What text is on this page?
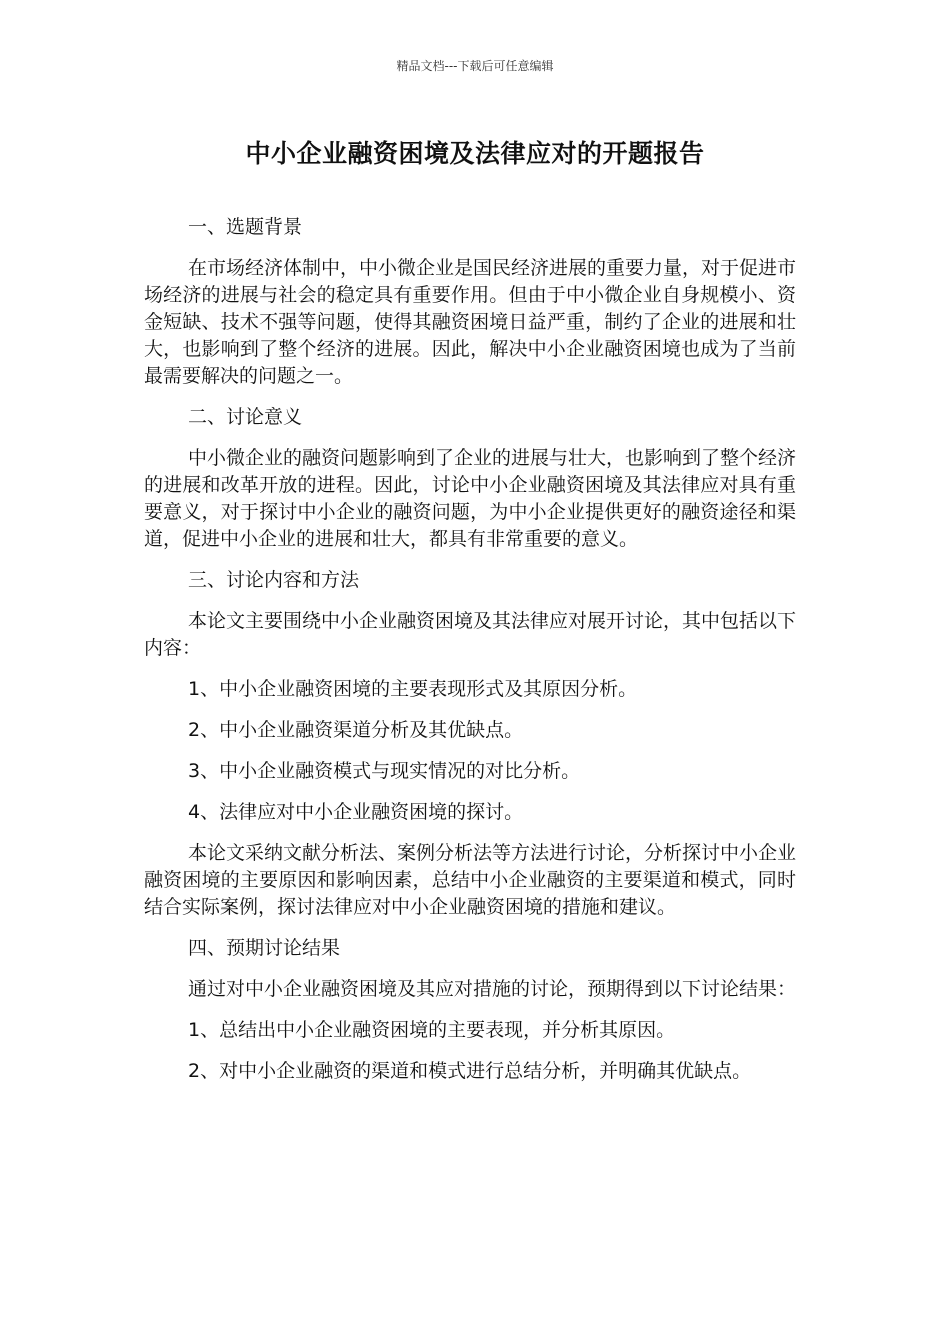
精品文档---下载后可任意编辑
中小企业融资困境及法律应对的开题报告
一、选题背景

在市场经济体制中，中小微企业是国民经济进展的重要力量，对于促进市场经济的进展与社会的稳定具有重要作用。但由于中小微企业自身规模小、资金短缺、技术不强等问题，使得其融资困境日益严重，制约了企业的进展和壮大，也影响到了整个经济的进展。因此，解决中小企业融资困境也成为了当前最需要解决的问题之一。

二、讨论意义

中小微企业的融资问题影响到了企业的进展与壮大，也影响到了整个经济的进展和改革开放的进程。因此，讨论中小企业融资困境及其法律应对具有重要意义，对于探讨中小企业的融资问题，为中小企业提供更好的融资途径和渠道，促进中小企业的进展和壮大，都具有非常重要的意义。

三、讨论内容和方法

本论文主要围绕中小企业融资困境及其法律应对展开讨论，其中包括以下内容：

1、中小企业融资困境的主要表现形式及其原因分析。
2、中小企业融资渠道分析及其优缺点。
3、中小企业融资模式与现实情况的对比分析。
4、法律应对中小企业融资困境的探讨。

本论文采纳文献分析法、案例分析法等方法进行讨论，分析探讨中小企业融资困境的主要原因和影响因素，总结中小企业融资的主要渠道和模式，同时结合实际案例，探讨法律应对中小企业融资困境的措施和建议。

四、预期讨论结果

通过对中小企业融资困境及其应对措施的讨论，预期得到以下讨论结果：

1、总结出中小企业融资困境的主要表现，并分析其原因。
2、对中小企业融资的渠道和模式进行总结分析，并明确其优缺点。
